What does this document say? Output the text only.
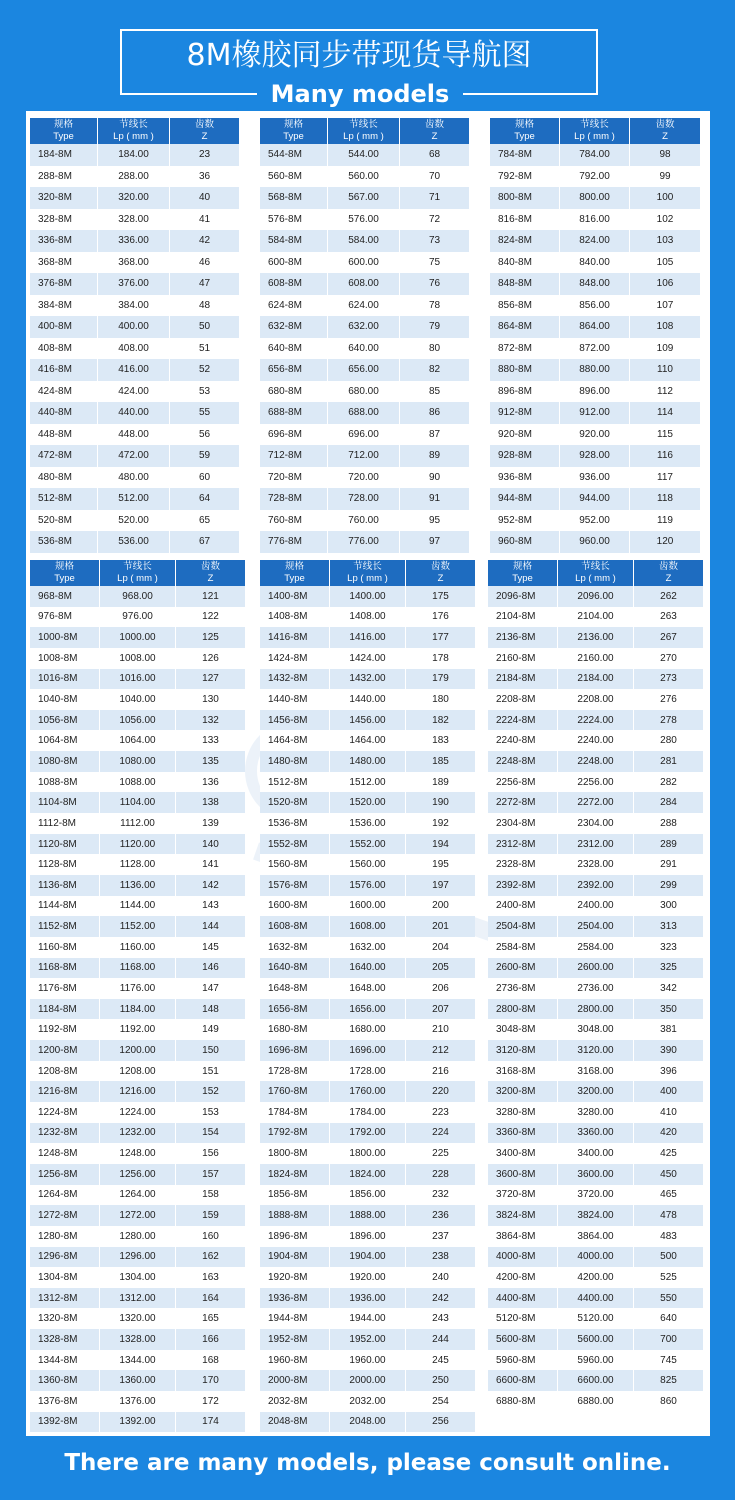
8M橡胶同步带现货导航图
Many models
规格
Type
节线长
Lp ( mm )
齿数
Z
184-8M	184.00	23
288-8M	288.00	36
320-8M	320.00	40
328-8M	328.00	41
336-8M	336.00	42
368-8M	368.00	46
376-8M	376.00	47
384-8M	384.00	48
400-8M	400.00	50
408-8M	408.00	51
416-8M	416.00	52
424-8M	424.00	53
440-8M	440.00	55
448-8M	448.00	56
472-8M	472.00	59
480-8M	480.00	60
512-8M	512.00	64
520-8M	520.00	65
536-8M	536.00	67
规格
Type
节线长
Lp ( mm )
齿数
Z
544-8M	544.00	68
560-8M	560.00	70
568-8M	567.00	71
576-8M	576.00	72
584-8M	584.00	73
600-8M	600.00	75
608-8M	608.00	76
624-8M	624.00	78
632-8M	632.00	79
640-8M	640.00	80
656-8M	656.00	82
680-8M	680.00	85
688-8M	688.00	86
696-8M	696.00	87
712-8M	712.00	89
720-8M	720.00	90
728-8M	728.00	91
760-8M	760.00	95
776-8M	776.00	97
规格
Type
节线长
Lp ( mm )
齿数
Z
784-8M	784.00	98
792-8M	792.00	99
800-8M	800.00	100
816-8M	816.00	102
824-8M	824.00	103
840-8M	840.00	105
848-8M	848.00	106
856-8M	856.00	107
864-8M	864.00	108
872-8M	872.00	109
880-8M	880.00	110
896-8M	896.00	112
912-8M	912.00	114
920-8M	920.00	115
928-8M	928.00	116
936-8M	936.00	117
944-8M	944.00	118
952-8M	952.00	119
960-8M	960.00	120
规格
Type
节线长
Lp ( mm )
齿数
Z
968-8M	968.00	121
976-8M	976.00	122
1000-8M	1000.00	125
1008-8M	1008.00	126
1016-8M	1016.00	127
1040-8M	1040.00	130
1056-8M	1056.00	132
1064-8M	1064.00	133
1080-8M	1080.00	135
1088-8M	1088.00	136
1104-8M	1104.00	138
1112-8M	1112.00	139
1120-8M	1120.00	140
1128-8M	1128.00	141
1136-8M	1136.00	142
1144-8M	1144.00	143
1152-8M	1152.00	144
1160-8M	1160.00	145
1168-8M	1168.00	146
1176-8M	1176.00	147
1184-8M	1184.00	148
1192-8M	1192.00	149
1200-8M	1200.00	150
1208-8M	1208.00	151
1216-8M	1216.00	152
1224-8M	1224.00	153
1232-8M	1232.00	154
1248-8M	1248.00	156
1256-8M	1256.00	157
1264-8M	1264.00	158
1272-8M	1272.00	159
1280-8M	1280.00	160
1296-8M	1296.00	162
1304-8M	1304.00	163
1312-8M	1312.00	164
1320-8M	1320.00	165
1328-8M	1328.00	166
1344-8M	1344.00	168
1360-8M	1360.00	170
1376-8M	1376.00	172
1392-8M	1392.00	174
规格
Type
节线长
Lp ( mm )
齿数
Z
1400-8M	1400.00	175
1408-8M	1408.00	176
1416-8M	1416.00	177
1424-8M	1424.00	178
1432-8M	1432.00	179
1440-8M	1440.00	180
1456-8M	1456.00	182
1464-8M	1464.00	183
1480-8M	1480.00	185
1512-8M	1512.00	189
1520-8M	1520.00	190
1536-8M	1536.00	192
1552-8M	1552.00	194
1560-8M	1560.00	195
1576-8M	1576.00	197
1600-8M	1600.00	200
1608-8M	1608.00	201
1632-8M	1632.00	204
1640-8M	1640.00	205
1648-8M	1648.00	206
1656-8M	1656.00	207
1680-8M	1680.00	210
1696-8M	1696.00	212
1728-8M	1728.00	216
1760-8M	1760.00	220
1784-8M	1784.00	223
1792-8M	1792.00	224
1800-8M	1800.00	225
1824-8M	1824.00	228
1856-8M	1856.00	232
1888-8M	1888.00	236
1896-8M	1896.00	237
1904-8M	1904.00	238
1920-8M	1920.00	240
1936-8M	1936.00	242
1944-8M	1944.00	243
1952-8M	1952.00	244
1960-8M	1960.00	245
2000-8M	2000.00	250
2032-8M	2032.00	254
2048-8M	2048.00	256
规格
Type
节线长
Lp ( mm )
齿数
Z
2096-8M	2096.00	262
2104-8M	2104.00	263
2136-8M	2136.00	267
2160-8M	2160.00	270
2184-8M	2184.00	273
2208-8M	2208.00	276
2224-8M	2224.00	278
2240-8M	2240.00	280
2248-8M	2248.00	281
2256-8M	2256.00	282
2272-8M	2272.00	284
2304-8M	2304.00	288
2312-8M	2312.00	289
2328-8M	2328.00	291
2392-8M	2392.00	299
2400-8M	2400.00	300
2504-8M	2504.00	313
2584-8M	2584.00	323
2600-8M	2600.00	325
2736-8M	2736.00	342
2800-8M	2800.00	350
3048-8M	3048.00	381
3120-8M	3120.00	390
3168-8M	3168.00	396
3200-8M	3200.00	400
3280-8M	3280.00	410
3360-8M	3360.00	420
3400-8M	3400.00	425
3600-8M	3600.00	450
3720-8M	3720.00	465
3824-8M	3824.00	478
3864-8M	3864.00	483
4000-8M	4000.00	500
4200-8M	4200.00	525
4400-8M	4400.00	550
5120-8M	5120.00	640
5600-8M	5600.00	700
5960-8M	5960.00	745
6600-8M	6600.00	825
6880-8M	6880.00	860
There are many models, please consult online.
